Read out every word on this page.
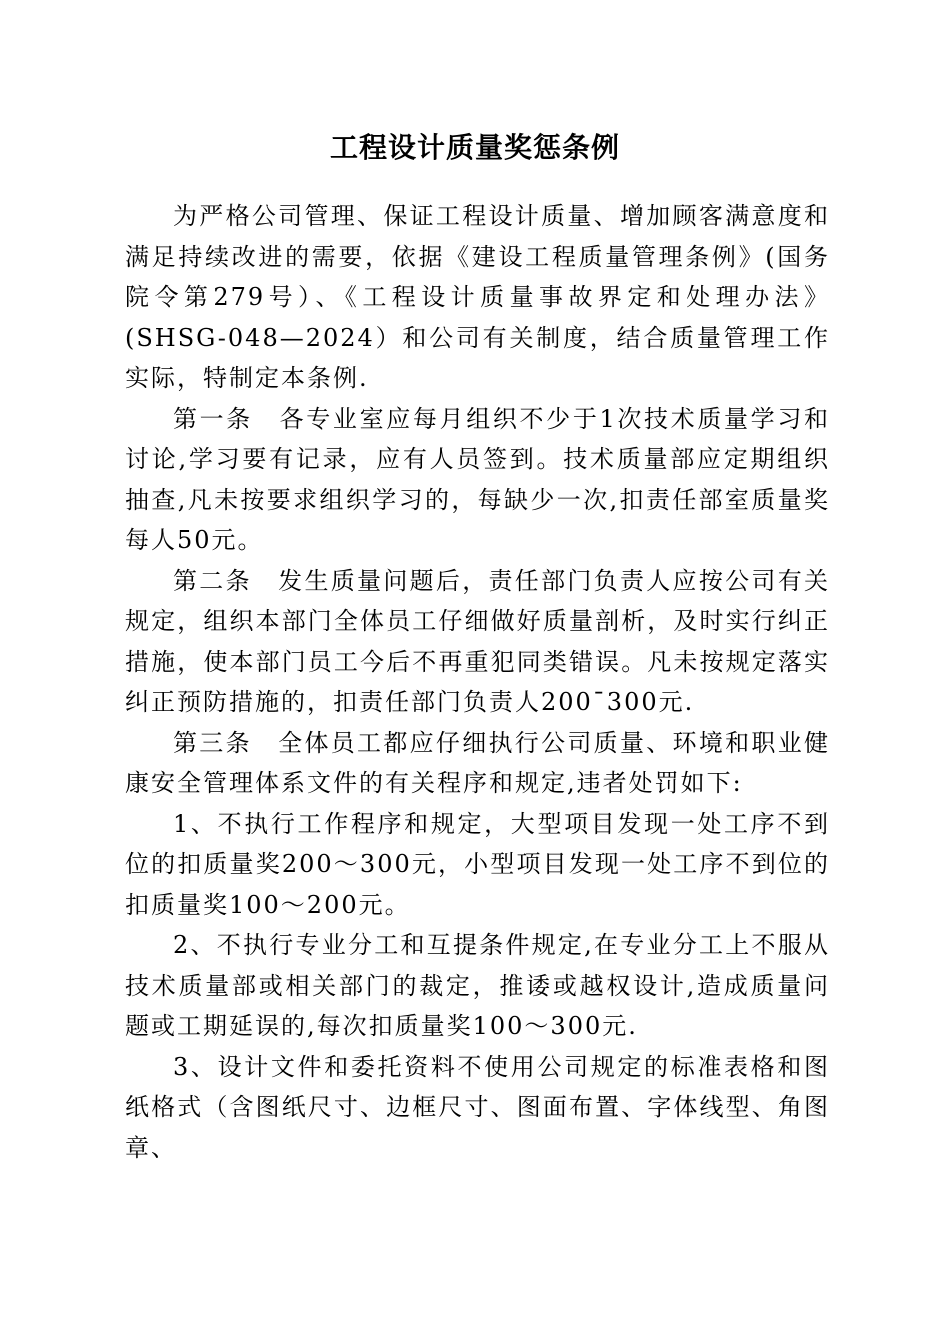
工程设计质量奖惩条例

为严格公司管理、保证工程设计质量、增加顾客满意度和满足持续改进的需要，依据《建设工程质量管理条例》(国务院令第279号）、《工程设计质量事故界定和处理办法》(SHSG-048—2024）和公司有关制度，结合质量管理工作实际，特制定本条例.

第一条　各专业室应每月组织不少于1次技术质量学习和讨论,学习要有记录，应有人员签到。技术质量部应定期组织抽查,凡未按要求组织学习的，每缺少一次,扣责任部室质量奖每人50元。

第二条　发生质量问题后，责任部门负责人应按公司有关规定，组织本部门全体员工仔细做好质量剖析，及时实行纠正措施，使本部门员工今后不再重犯同类错误。凡未按规定落实纠正预防措施的，扣责任部门负责人200¯300元.

第三条　全体员工都应仔细执行公司质量、环境和职业健康安全管理体系文件的有关程序和规定,违者处罚如下:

1、不执行工作程序和规定，大型项目发现一处工序不到位的扣质量奖200～300元，小型项目发现一处工序不到位的扣质量奖100～200元。

2、不执行专业分工和互提条件规定,在专业分工上不服从技术质量部或相关部门的裁定，推诿或越权设计,造成质量问题或工期延误的,每次扣质量奖100～300元.

3、设计文件和委托资料不使用公司规定的标准表格和图纸格式（含图纸尺寸、边框尺寸、图面布置、字体线型、角图章、
